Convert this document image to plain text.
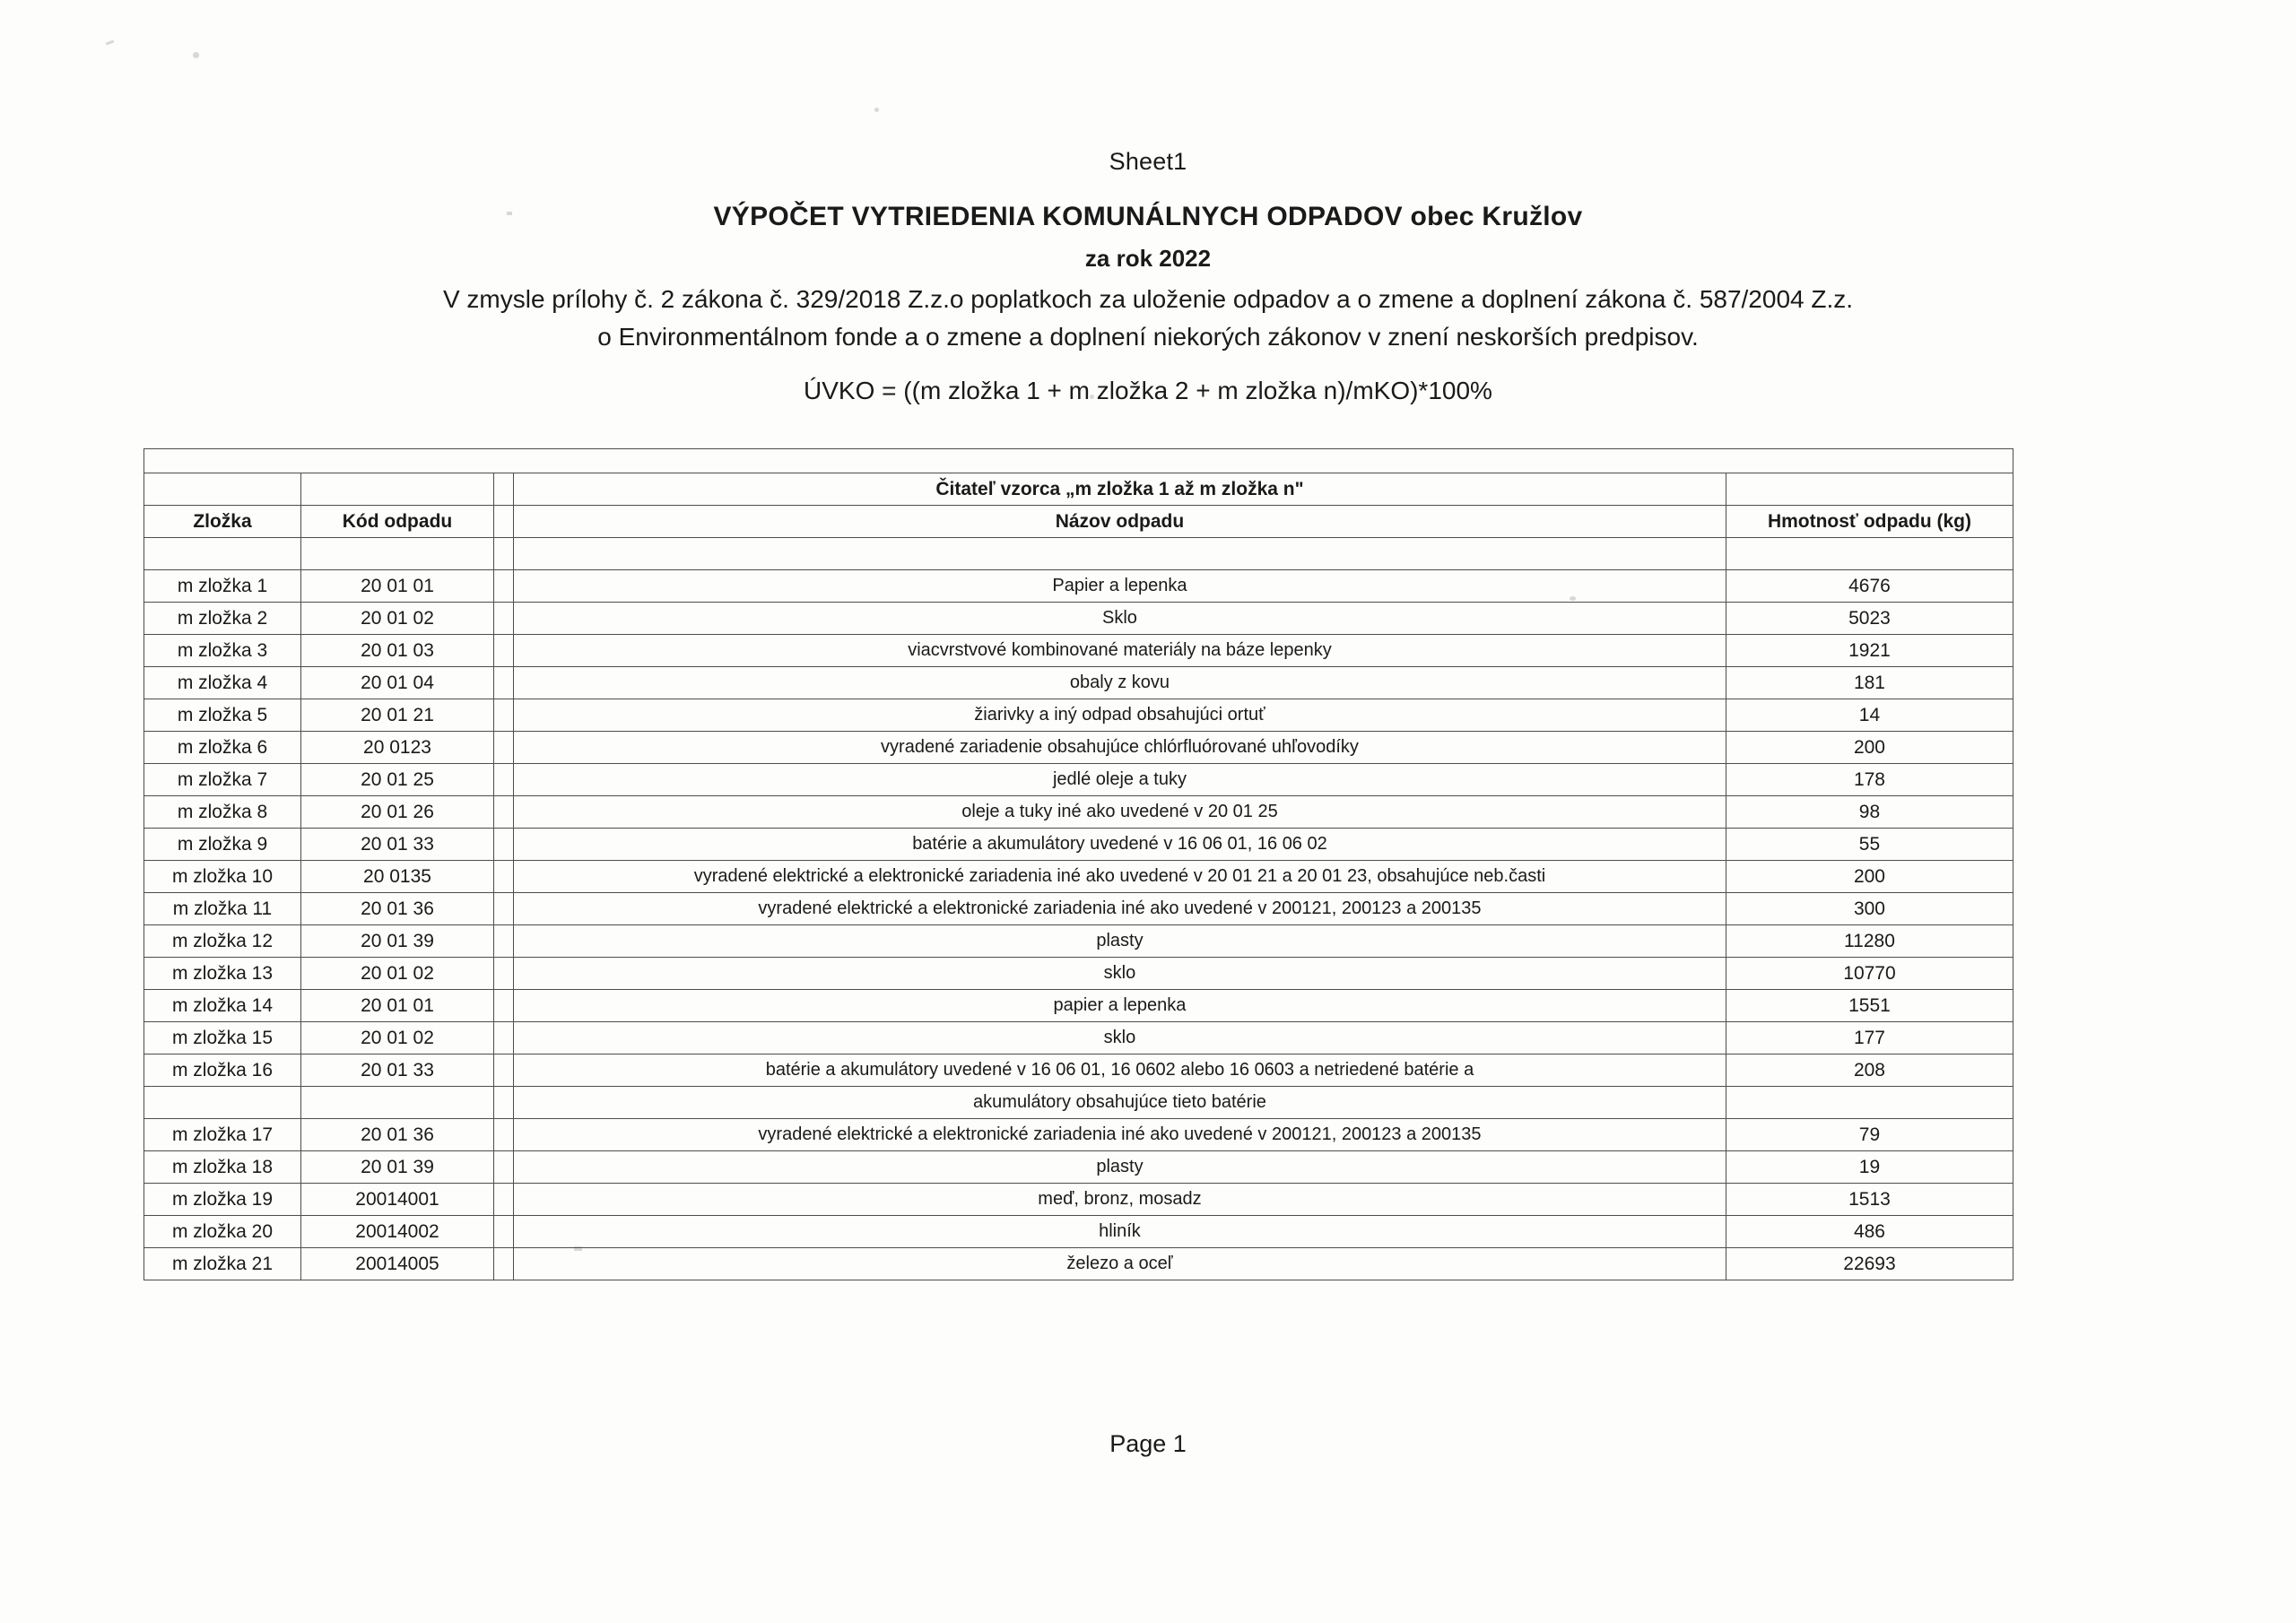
Sheet1
VÝPOČET VYTRIEDENIA KOMUNÁLNYCH ODPADOV obec Kružlov
za rok 2022
V zmysle prílohy č. 2 zákona č. 329/2018 Z.z.o poplatkoch za uloženie odpadov a o zmene a doplnení zákona č. 587/2004 Z.z.
o Environmentálnom fonde a o zmene a doplnení niekorých zákonov v znení neskorších predpisov.
ÚVKO = ((m zložka 1 + m zložka 2 + m zložka n)/mKO)*100%

			Čitateľ vzorca „m zložka 1 až m zložka n"	
Zložka	Kód odpadu		Názov odpadu	Hmotnosť odpadu (kg)

m zložka 1	20 01 01		Papier a lepenka	4676
m zložka 2	20 01 02		Sklo	5023
m zložka 3	20 01 03		viacvrstvové kombinované materiály na báze lepenky	1921
m zložka 4	20 01 04		obaly z kovu	181
m zložka 5	20 01 21		žiarivky a iný odpad obsahujúci ortuť	14
m zložka 6	20 0123		vyradené zariadenie obsahujúce chlórfluórované uhľovodíky	200
m zložka 7	20 01 25		jedlé oleje a tuky	178
m zložka 8	20 01 26		oleje a tuky iné ako uvedené v 20 01 25	98
m zložka 9	20 01 33		batérie a akumulátory uvedené v 16 06 01, 16 06 02	55
m zložka 10	20 0135		vyradené elektrické a elektronické zariadenia iné ako uvedené v 20 01 21 a 20 01 23, obsahujúce neb.časti	200
m zložka 11	20 01 36		vyradené elektrické a elektronické zariadenia iné ako uvedené v 200121, 200123 a 200135	300
m zložka 12	20 01 39		plasty	11280
m zložka 13	20 01 02		sklo	10770
m zložka 14	20 01 01		papier a lepenka	1551
m zložka 15	20 01 02		sklo	177
m zložka 16	20 01 33		batérie a akumulátory uvedené v 16 06 01, 16 0602 alebo 16 0603 a netriedené batérie a	208
			akumulátory obsahujúce tieto batérie	
m zložka 17	20 01 36		vyradené elektrické a elektronické zariadenia iné ako uvedené v 200121, 200123 a 200135	79
m zložka 18	20 01 39		plasty	19
m zložka 19	20014001		meď, bronz, mosadz	1513
m zložka 20	20014002		hliník	486
m zložka 21	20014005		železo a oceľ	22693
Page 1
